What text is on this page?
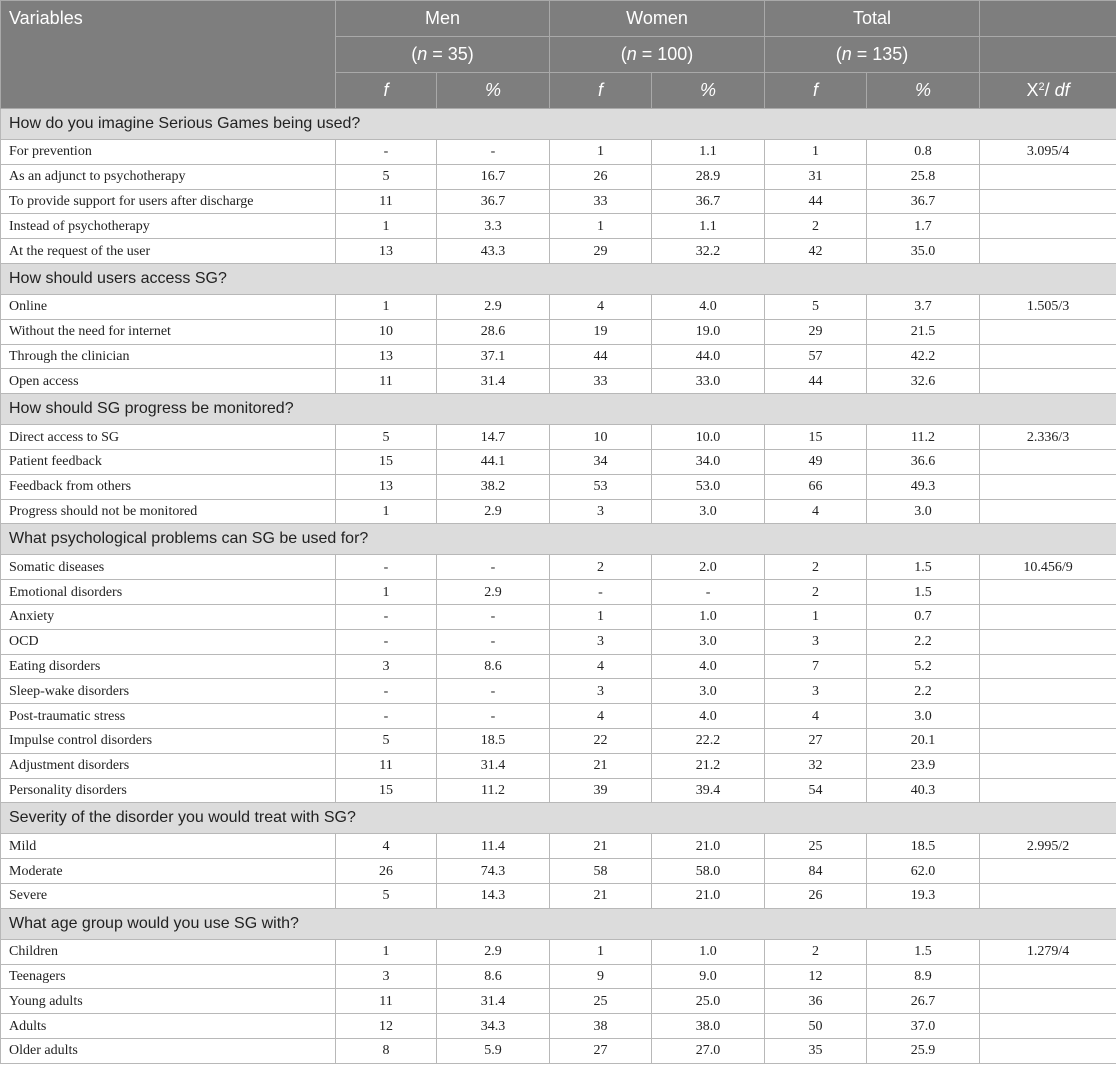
Variables	Men		Women		Total		
	(n = 35)		(n = 100)		(n = 135)		
	f	%	f	%	f	%	$X^2/$ df
How do you imagine Serious Games being used?							
For prevention	-	-	1	1.1	1	0.8	3.095/4
As an adjunct to psychotherapy	5	16.7	26	28.9	31	25.8	
To provide support for users after discharge	11	36.7	33	36.7	44	36.7	
Instead of psychotherapy	1	3.3	1	1.1	2	1.7	
At the request of the user	13	43.3	29	32.2	42	35.0	
How should users access SG?							
Online	1	2.9	4	4.0	5	3.7	1.505/3
Without the need for internet	10	28.6	19	19.0	29	21.5	
Through the clinician	13	37.1	44	44.0	57	42.2	
Open access	11	31.4	33	33.0	44	32.6	
How should SG progress be monitored?							
Direct access to SG	5	14.7	10	10.0	15	11.2	2.336/3
Patient feedback	15	44.1	34	34.0	49	36.6	
Feedback from others	13	38.2	53	53.0	66	49.3	
Progress should not be monitored	1	2.9	3	3.0	4	3.0	
What psychological problems can SG be used for?							
Somatic diseases	-	-	2	2.0	2	1.5	10.456/9
Emotional disorders	1	2.9	-	-	2	1.5	
Anxiety	-	-	1	1.0	1	0.7	
OCD	-	-	3	3.0	3	2.2	
Eating disorders	3	8.6	4	4.0	7	5.2	
Sleep-wake disorders	-	-	3	3.0	3	2.2	
Post-traumatic stress	-	-	4	4.0	4	3.0	
Impulse control disorders	5	18.5	22	22.2	27	20.1	
Adjustment disorders	11	31.4	21	21.2	32	23.9	
Personality disorders	15	11.2	39	39.4	54	40.3	
Severity of the disorder you would treat with SG?							
Mild	4	11.4	21	21.0	25	18.5	2.995/2
Moderate	26	74.3	58	58.0	84	62.0	
Severe	5	14.3	21	21.0	26	19.3	
What age group would you use SG with?							
Children	1	2.9	1	1.0	2	1.5	1.279/4
Teenagers	3	8.6	9	9.0	12	8.9	
Young adults	11	31.4	25	25.0	36	26.7	
Adults	12	34.3	38	38.0	50	37.0	
Older adults	8	5.9	27	27.0	35	25.9	
